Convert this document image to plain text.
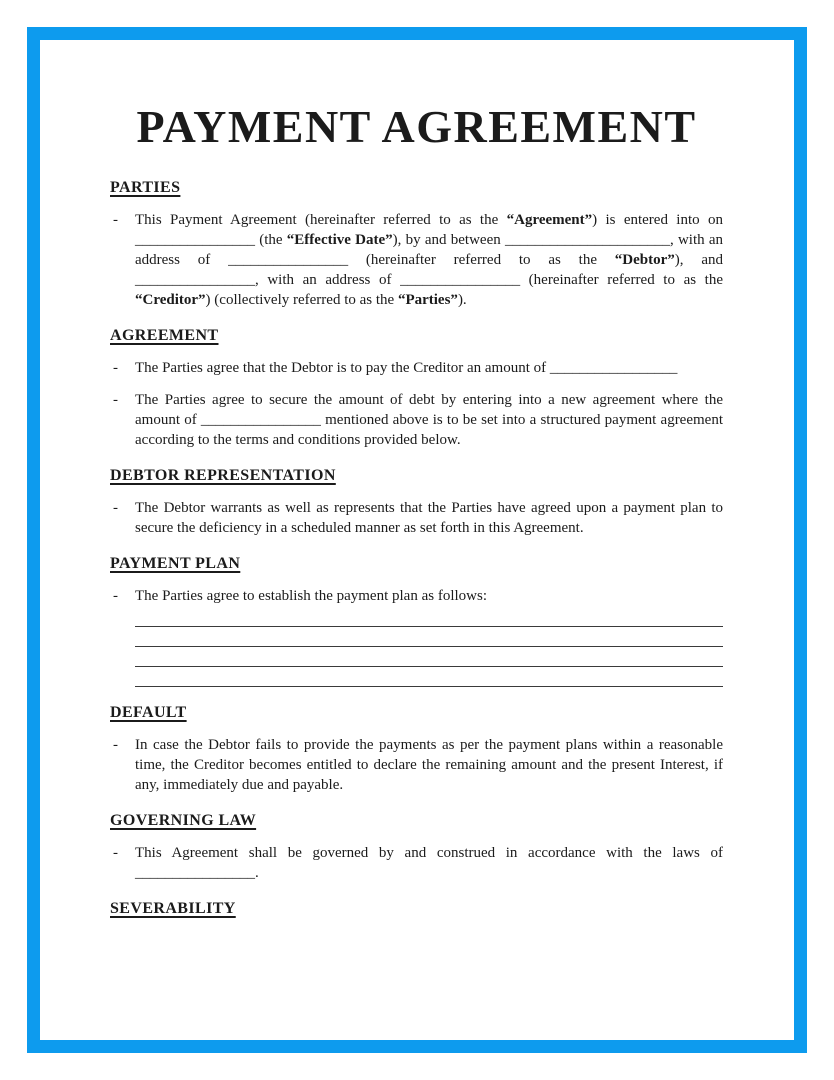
PAYMENT AGREEMENT
PARTIES
-	This Payment Agreement (hereinafter referred to as the “Agreement”) is entered into on ________________ (the “Effective Date”), by and between ______________________, with an address of ________________ (hereinafter referred to as the “Debtor”), and ________________, with an address of ________________ (hereinafter referred to as the “Creditor”) (collectively referred to as the “Parties”).

AGREEMENT
-	The Parties agree that the Debtor is to pay the Creditor an amount of _________________

-	The Parties agree to secure the amount of debt by entering into a new agreement where the amount of ________________ mentioned above is to be set into a structured payment agreement according to the terms and conditions provided below.

DEBTOR REPRESENTATION
-	The Debtor warrants as well as represents that the Parties have agreed upon a payment plan to secure the deficiency in a scheduled manner as set forth in this Agreement.

PAYMENT PLAN
-	The Parties agree to establish the payment plan as follows:

DEFAULT
-	In case the Debtor fails to provide the payments as per the payment plans within a reasonable time, the Creditor becomes entitled to declare the remaining amount and the present Interest, if any, immediately due and payable.

GOVERNING LAW
-	This Agreement shall be governed by and construed in accordance with the laws of ________________.

SEVERABILITY
